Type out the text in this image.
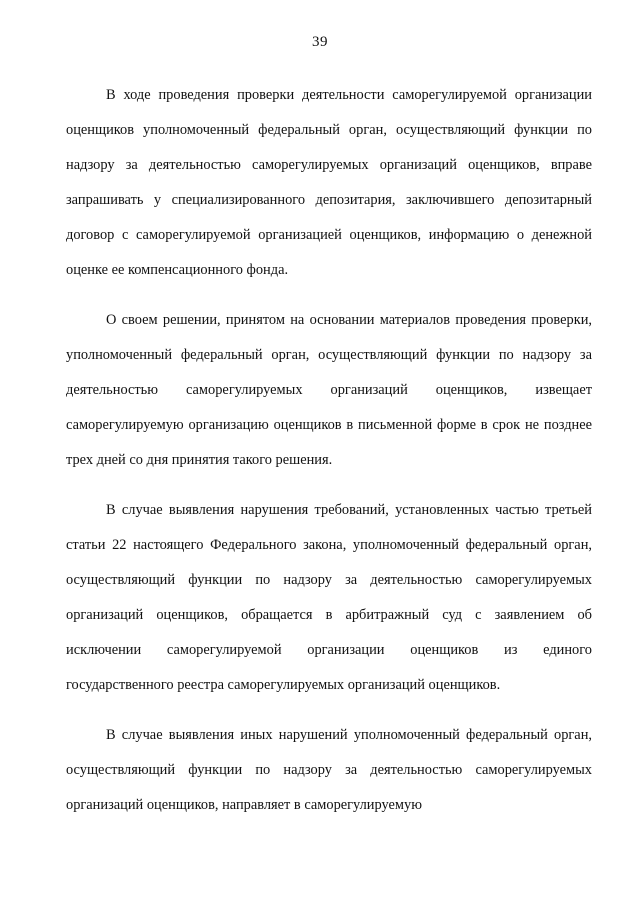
39

В ходе проведения проверки деятельности саморегулируемой организации оценщиков уполномоченный федеральный орган, осуществляющий функции по надзору за деятельностью саморегулируемых организаций оценщиков, вправе запрашивать у специализированного депозитария, заключившего депозитарный договор с саморегулируемой организацией оценщиков, информацию о денежной оценке ее компенсационного фонда.

О своем решении, принятом на основании материалов проведения проверки, уполномоченный федеральный орган, осуществляющий функции по надзору за деятельностью саморегулируемых организаций оценщиков, извещает саморегулируемую организацию оценщиков в письменной форме в срок не позднее трех дней со дня принятия такого решения.

В случае выявления нарушения требований, установленных частью третьей статьи 22 настоящего Федерального закона, уполномоченный федеральный орган, осуществляющий функции по надзору за деятельностью саморегулируемых организаций оценщиков, обращается в арбитражный суд с заявлением об исключении саморегулируемой организации оценщиков из единого государственного реестра саморегулируемых организаций оценщиков.

В случае выявления иных нарушений уполномоченный федеральный орган, осуществляющий функции по надзору за деятельностью саморегулируемых организаций оценщиков, направляет в саморегулируемую
